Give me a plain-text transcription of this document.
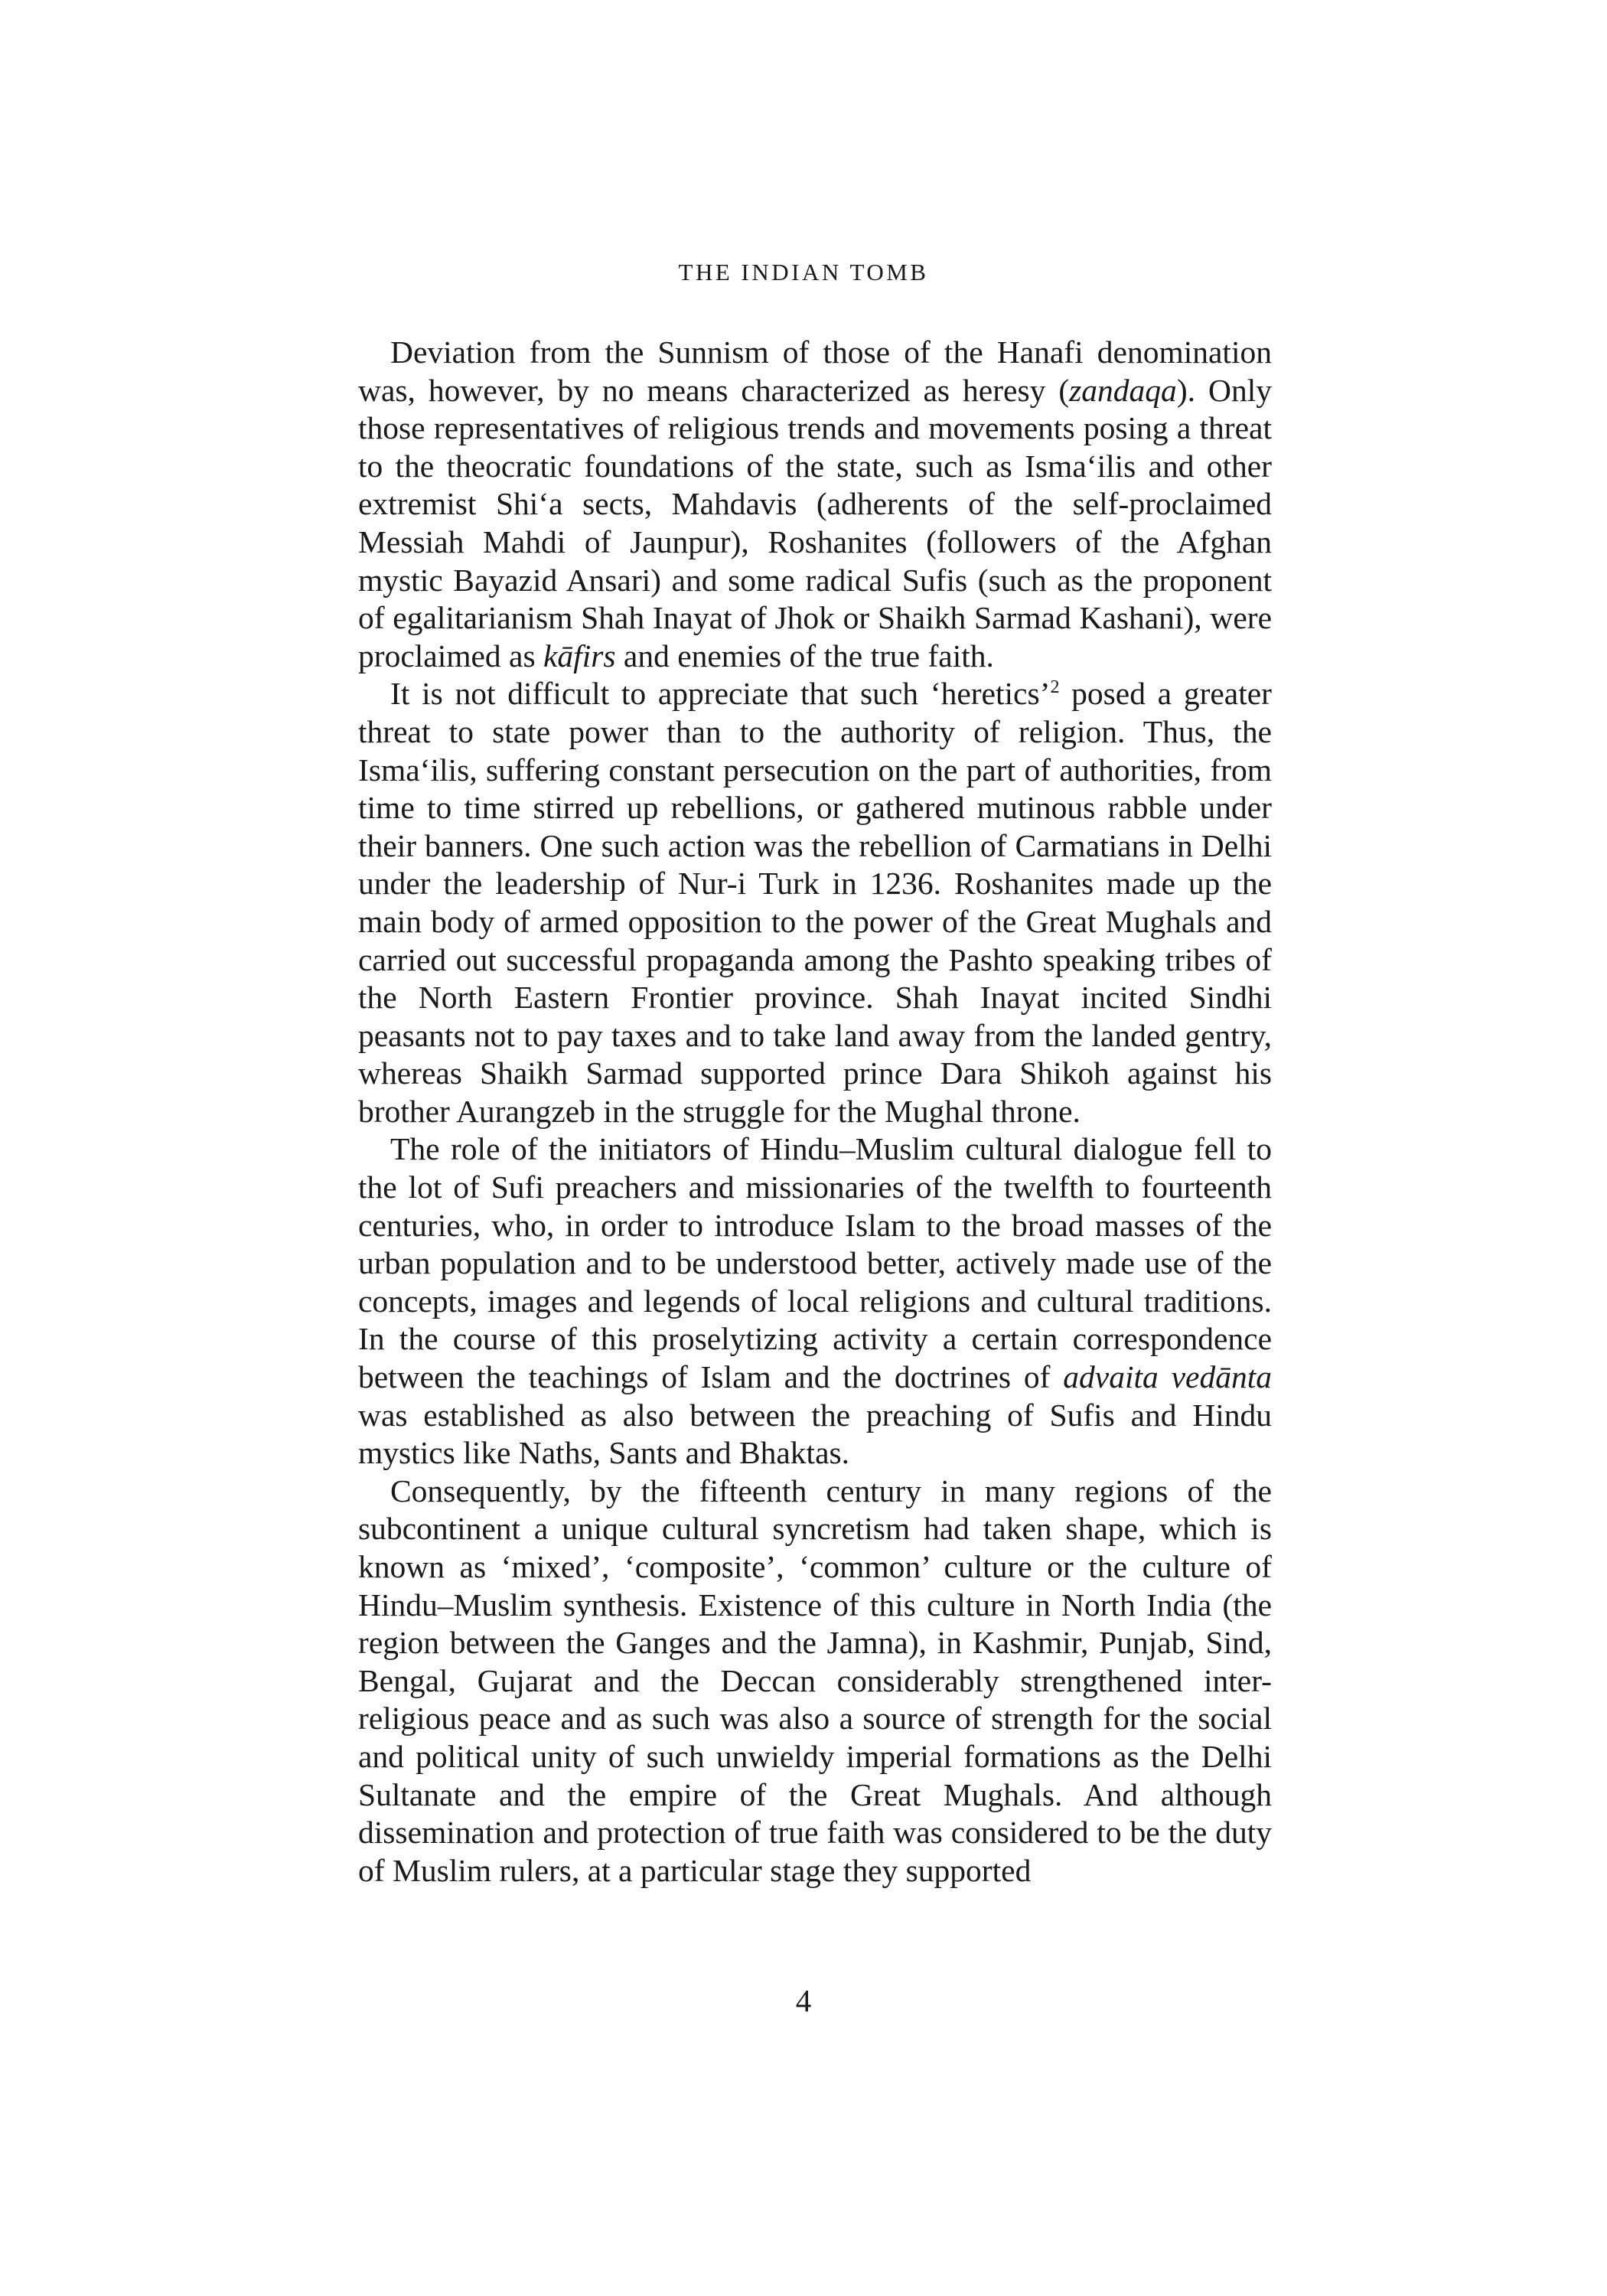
THE INDIAN TOMB

Deviation from the Sunnism of those of the Hanafi denomination was, however, by no means characterized as heresy (zandaqa). Only those representatives of religious trends and movements posing a threat to the theocratic foundations of the state, such as Isma‘ilis and other extremist Shi‘a sects, Mahdavis (adherents of the self-proclaimed Messiah Mahdi of Jaunpur), Roshanites (followers of the Afghan mystic Bayazid Ansari) and some radical Sufis (such as the proponent of egalitarianism Shah Inayat of Jhok or Shaikh Sarmad Kashani), were proclaimed as kāfirs and enemies of the true faith.

It is not difficult to appreciate that such ‘heretics’$^2$ posed a greater threat to state power than to the authority of religion. Thus, the Isma‘ilis, suffering constant persecution on the part of authorities, from time to time stirred up rebellions, or gathered mutinous rabble under their banners. One such action was the rebellion of Carmatians in Delhi under the leadership of Nur-i Turk in 1236. Roshanites made up the main body of armed opposition to the power of the Great Mughals and carried out successful propaganda among the Pashto speaking tribes of the North Eastern Frontier province. Shah Inayat incited Sindhi peasants not to pay taxes and to take land away from the landed gentry, whereas Shaikh Sarmad supported prince Dara Shikoh against his brother Aurangzeb in the struggle for the Mughal throne.

The role of the initiators of Hindu–Muslim cultural dialogue fell to the lot of Sufi preachers and missionaries of the twelfth to fourteenth centuries, who, in order to introduce Islam to the broad masses of the urban population and to be understood better, actively made use of the concepts, images and legends of local religions and cultural traditions. In the course of this proselytizing activity a certain correspondence between the teachings of Islam and the doctrines of advaita vedānta was established as also between the preaching of Sufis and Hindu mystics like Naths, Sants and Bhaktas.

Consequently, by the fifteenth century in many regions of the subcontinent a unique cultural syncretism had taken shape, which is known as ‘mixed’, ‘composite’, ‘common’ culture or the culture of Hindu–Muslim synthesis. Existence of this culture in North India (the region between the Ganges and the Jamna), in Kashmir, Punjab, Sind, Bengal, Gujarat and the Deccan considerably strengthened inter-religious peace and as such was also a source of strength for the social and political unity of such unwieldy imperial formations as the Delhi Sultanate and the empire of the Great Mughals. And although dissemination and protection of true faith was considered to be the duty of Muslim rulers, at a particular stage they supported

4
